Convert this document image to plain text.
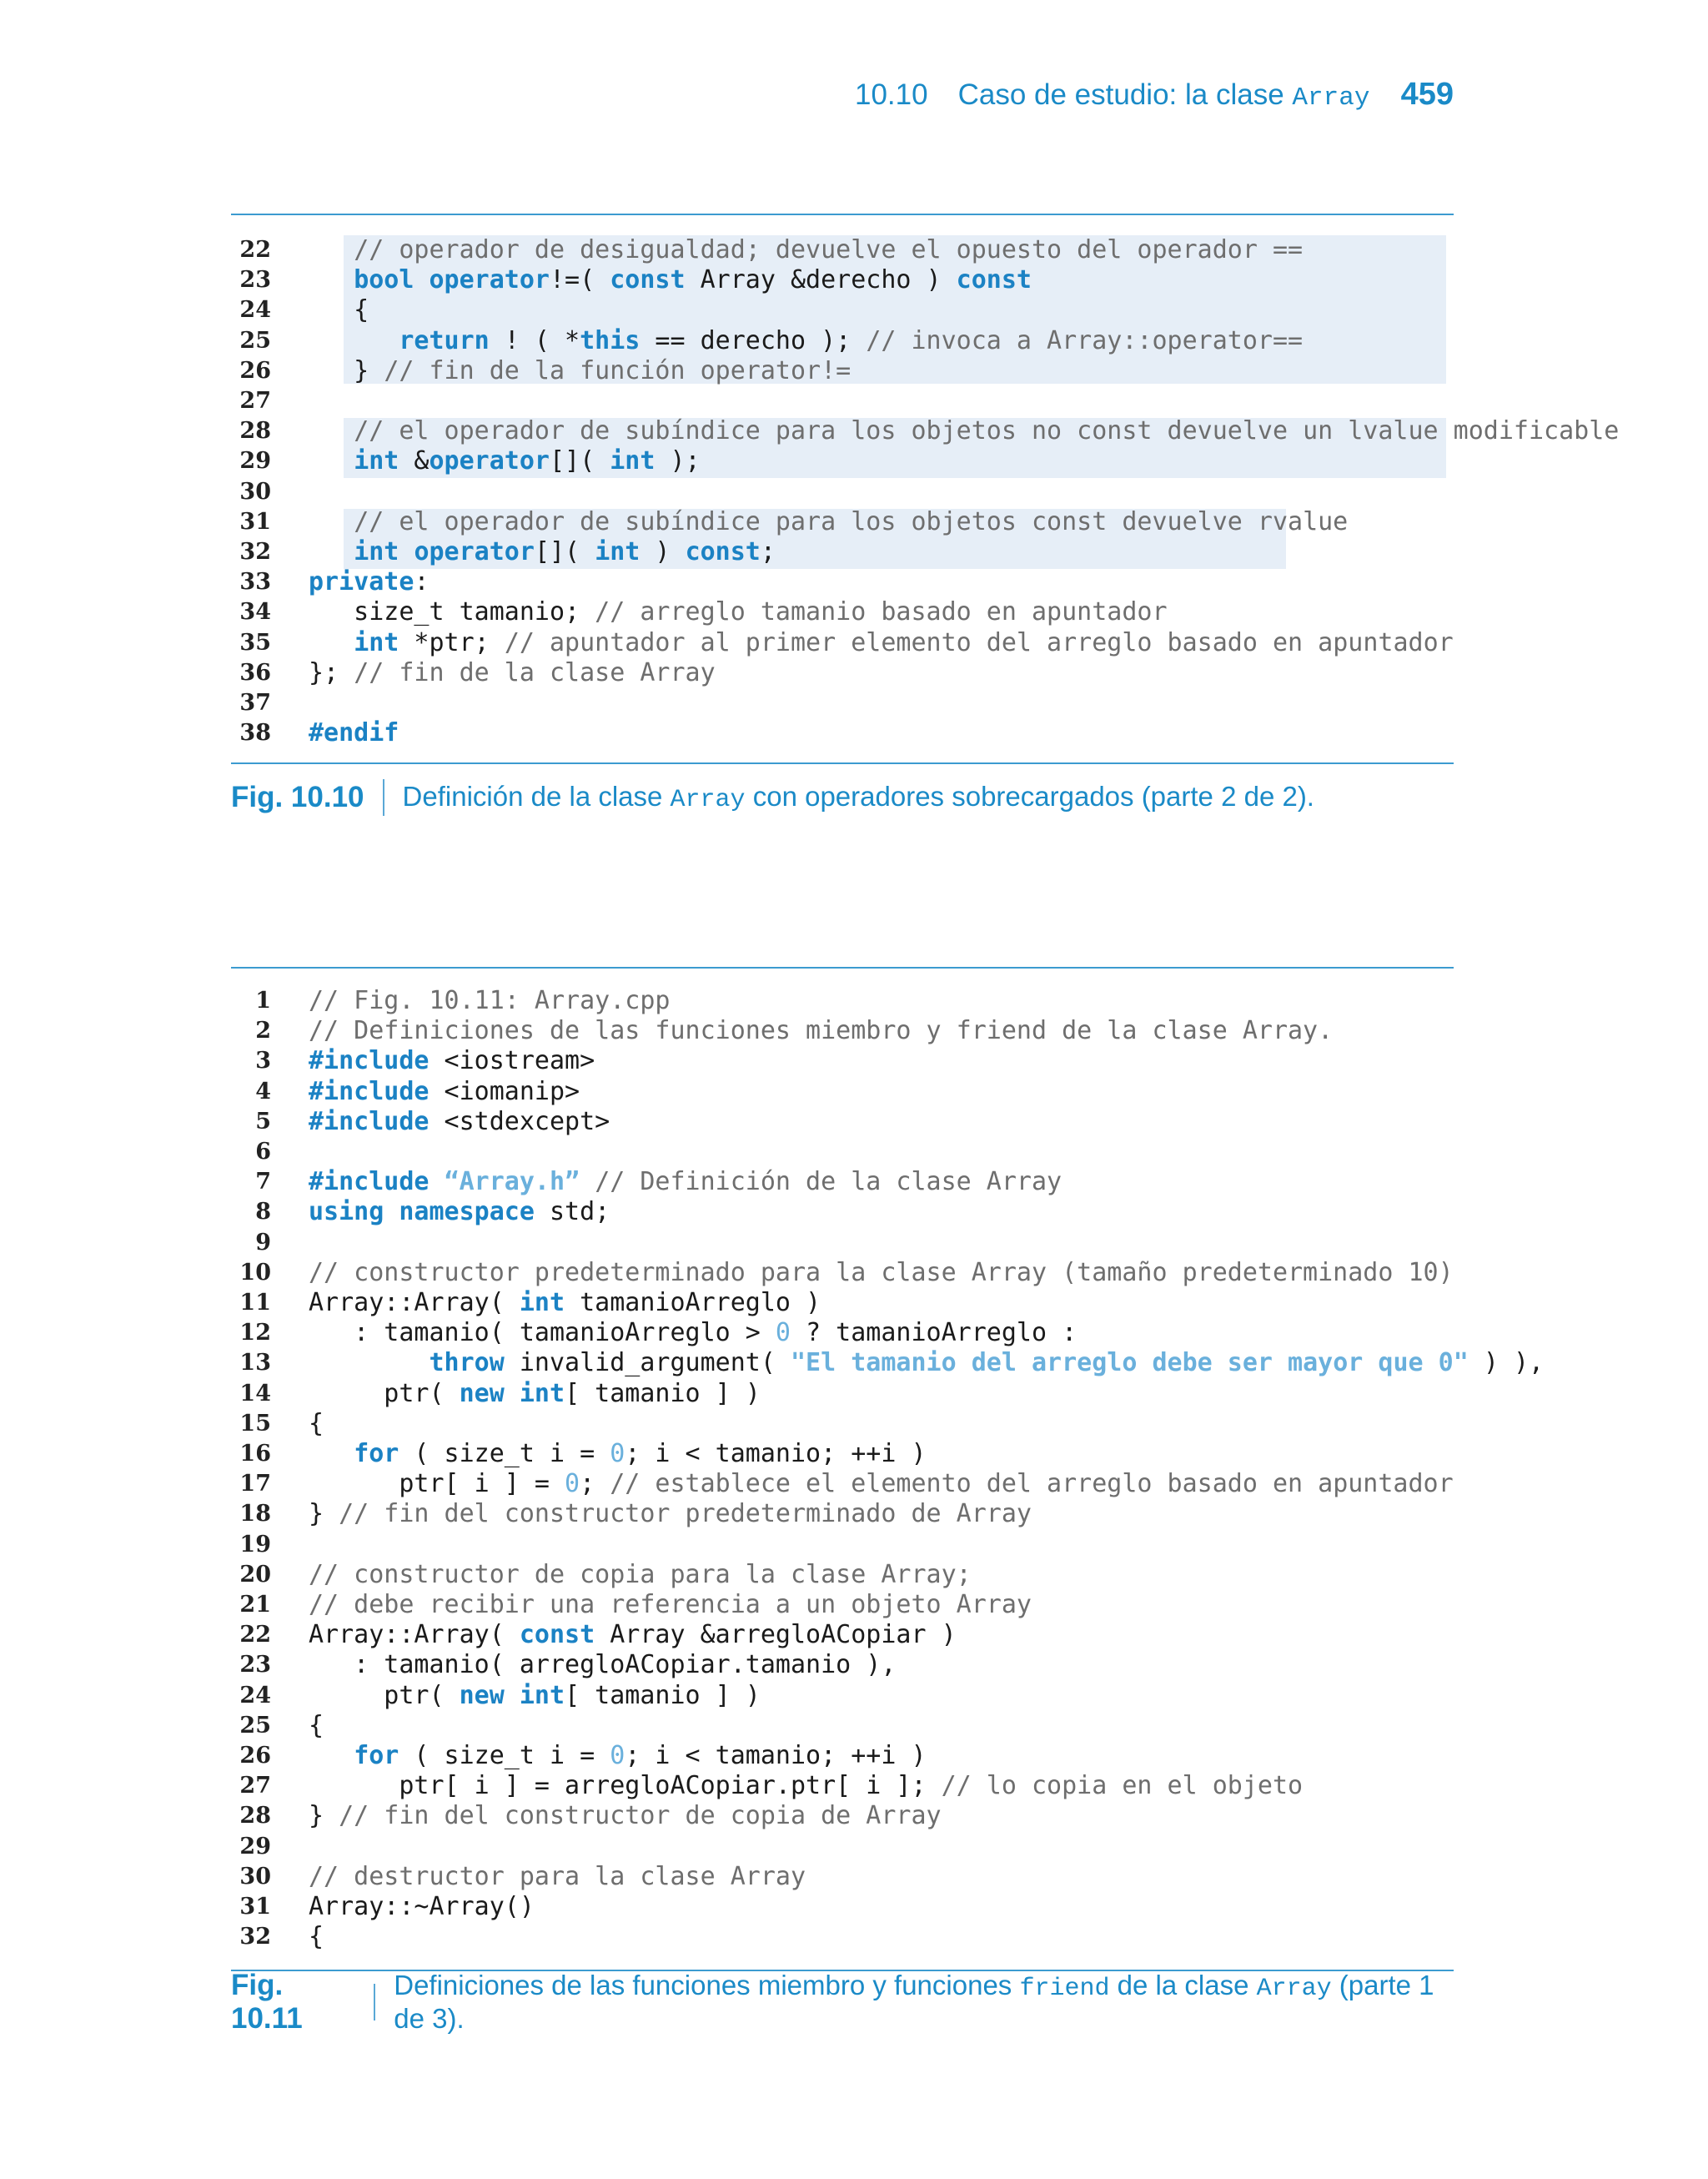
10.10 Caso de estudio: la clase Array 459
22	// operador de desigualdad; devuelve el opuesto del operador ==
23	bool operator!=( const Array &derecho ) const
24 {
25	return ! ( *this == derecho ); // invoca a Array::operator==
26 } // fin de la función operator!=
27
28	// el operador de subíndice para los objetos no const devuelve un lvalue modificable
29	int &operator[]( int );
30
31	// el operador de subíndice para los objetos const devuelve rvalue
32	int operator[]( int ) const;
33 private:
34 size_t tamanio; // arreglo tamanio basado en apuntador
35	int *ptr; // apuntador al primer elemento del arreglo basado en apuntador
36 }; // fin de la clase Array
37
38 #endif
Fig. 10.10 Definición de la clase Array con operadores sobrecargados (parte 2 de 2).
1 // Fig. 10.11: Array.cpp
2 // Definiciones de las funciones miembro y friend de la clase Array.
3 #include <iostream>
4 #include <iomanip>
5 #include <stdexcept>
6
7 #include “Array.h” // Definición de la clase Array
8 using namespace std;
9
10 // constructor predeterminado para la clase Array (tamaño predeterminado 10)
11 Array::Array( int tamanioArreglo )
12 : tamanio( tamanioArreglo > 0 ? tamanioArreglo :
13	throw invalid_argument( "El tamanio del arreglo debe ser mayor que 0" ) ),
14 ptr( new int[ tamanio ] )
15 {
16	for ( size_t i = 0; i < tamanio; ++i )
17 ptr[ i ] = 0; // establece el elemento del arreglo basado en apuntador
18 } // fin del constructor predeterminado de Array
19
20 // constructor de copia para la clase Array;
21 // debe recibir una referencia a un objeto Array
22 Array::Array( const Array &arregloACopiar )
23 : tamanio( arregloACopiar.tamanio ),
24 ptr( new int[ tamanio ] )
25 {
26	for ( size_t i = 0; i < tamanio; ++i )
27 ptr[ i ] = arregloACopiar.ptr[ i ]; // lo copia en el objeto
28 } // fin del constructor de copia de Array
29
30 // destructor para la clase Array
31 Array::~Array()
32 {
Fig. 10.11
Definiciones de las funciones miembro y funciones friend de la clase Array (parte 1 de 3).
